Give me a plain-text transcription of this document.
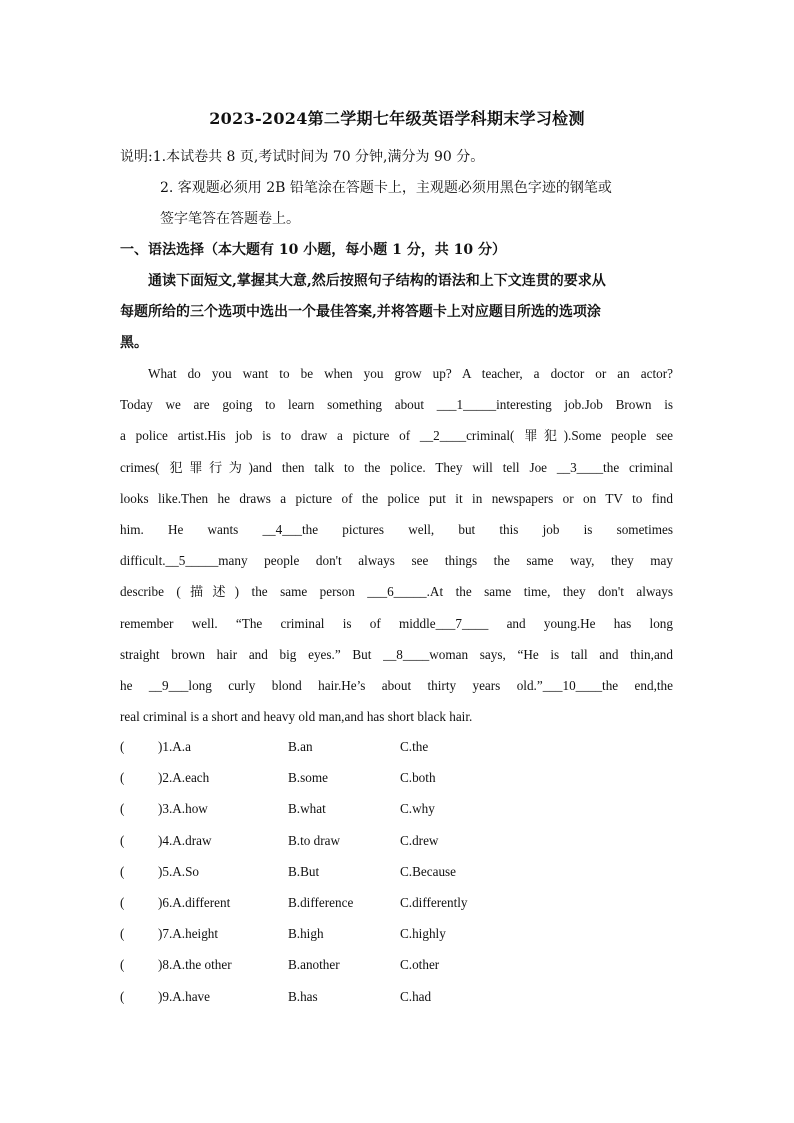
2023-2024第二学期七年级英语学科期末学习检测
说明:1.本试卷共 8 页,考试时间为 70 分钟,满分为 90 分。
2. 客观题必须用 2B 铅笔涂在答题卡上，主观题必须用黑色字迹的钢笔或
签字笔答在答题卷上。
一、语法选择（本大题有 10 小题，每小题 1 分，共 10 分）
通读下面短文,掌握其大意,然后按照句子结构的语法和上下文连贯的要求从
每题所给的三个选项中选出一个最佳答案,并将答题卡上对应题目所选的选项涂
黑。
What do you want to be when you grow up? A teacher, a doctor or an actor?
Today we are going to learn something about ___1_____interesting job.Job Brown is
a police artist.His job is to draw a picture of __2____criminal( 罪犯).Some people see
crimes( 犯罪行为)and then talk to the police. They will tell Joe __3____the criminal
looks like.Then he draws a picture of the police put it in newspapers or on TV to find
him. He wants __4___the pictures well, but this job is sometimes
difficult.__5_____many people don't always see things the same way, they may
describe (描述) the same person ___6_____.At the same time, they don't always
remember well. “The criminal is of middle___7____ and young.He has long
straight brown hair and big eyes.” But __8____woman says, “He is tall and thin,and
he __9___long curly blond hair.He’s about thirty years old.”___10____the end,the
real criminal is a short and heavy old man,and has short black hair.
(	)1.A.a	B.an	C.the
(	)2.A.each	B.some	C.both
(	)3.A.how	B.what	C.why
(	)4.A.draw	B.to draw	C.drew
(	)5.A.So	B.But	C.Because
(	)6.A.different	B.difference	C.differently
(	)7.A.height	B.high	C.highly
(	)8.A.the other	B.another	C.other
(	)9.A.have	B.has	C.had
